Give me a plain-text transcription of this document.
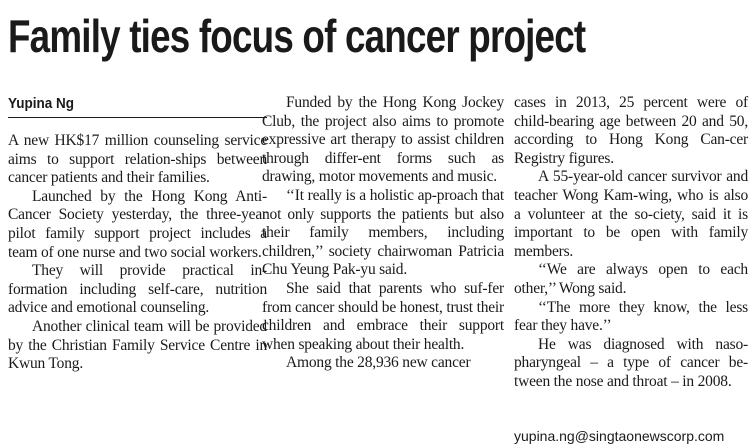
Family ties focus of cancer project
Yupina Ng

A new HK$17 million counseling service aims to support relation-ships between cancer patients and their families.

Launched by the Hong Kong Anti-Cancer Society yesterday, the three-year pilot family support project includes a team of one nurse and two social workers.

They will provide practical in-formation including self-care, nutrition advice and emotional counseling.

Another clinical team will be provided by the Christian Family Service Centre in Kwun Tong.

Funded by the Hong Kong Jockey Club, the project also aims to promote expressive art therapy to assist children through differ-ent forms such as drawing, motor movements and music.

‘‘It really is a holistic ap-proach that not only supports the patients but also their family members, including children,’’ society chairwoman Patricia Chu Yeung Pak-yu said.

She said that parents who suf-fer from cancer should be honest, trust their children and embrace their support when speaking about their health.

Among the 28,936 new cancer

cases in 2013, 25 percent were of child-bearing age between 20 and 50, according to Hong Kong Can-cer Registry figures.

A 55-year-old cancer survivor and teacher Wong Kam-wing, who is also a volunteer at the so-ciety, said it is important to be open with family members.

‘‘We are always open to each other,’’ Wong said.

‘‘The more they know, the less fear they have.’’

He was diagnosed with naso-pharyngeal – a type of cancer be-tween the nose and throat – in 2008.

yupina.ng@singtaonewscorp.com
